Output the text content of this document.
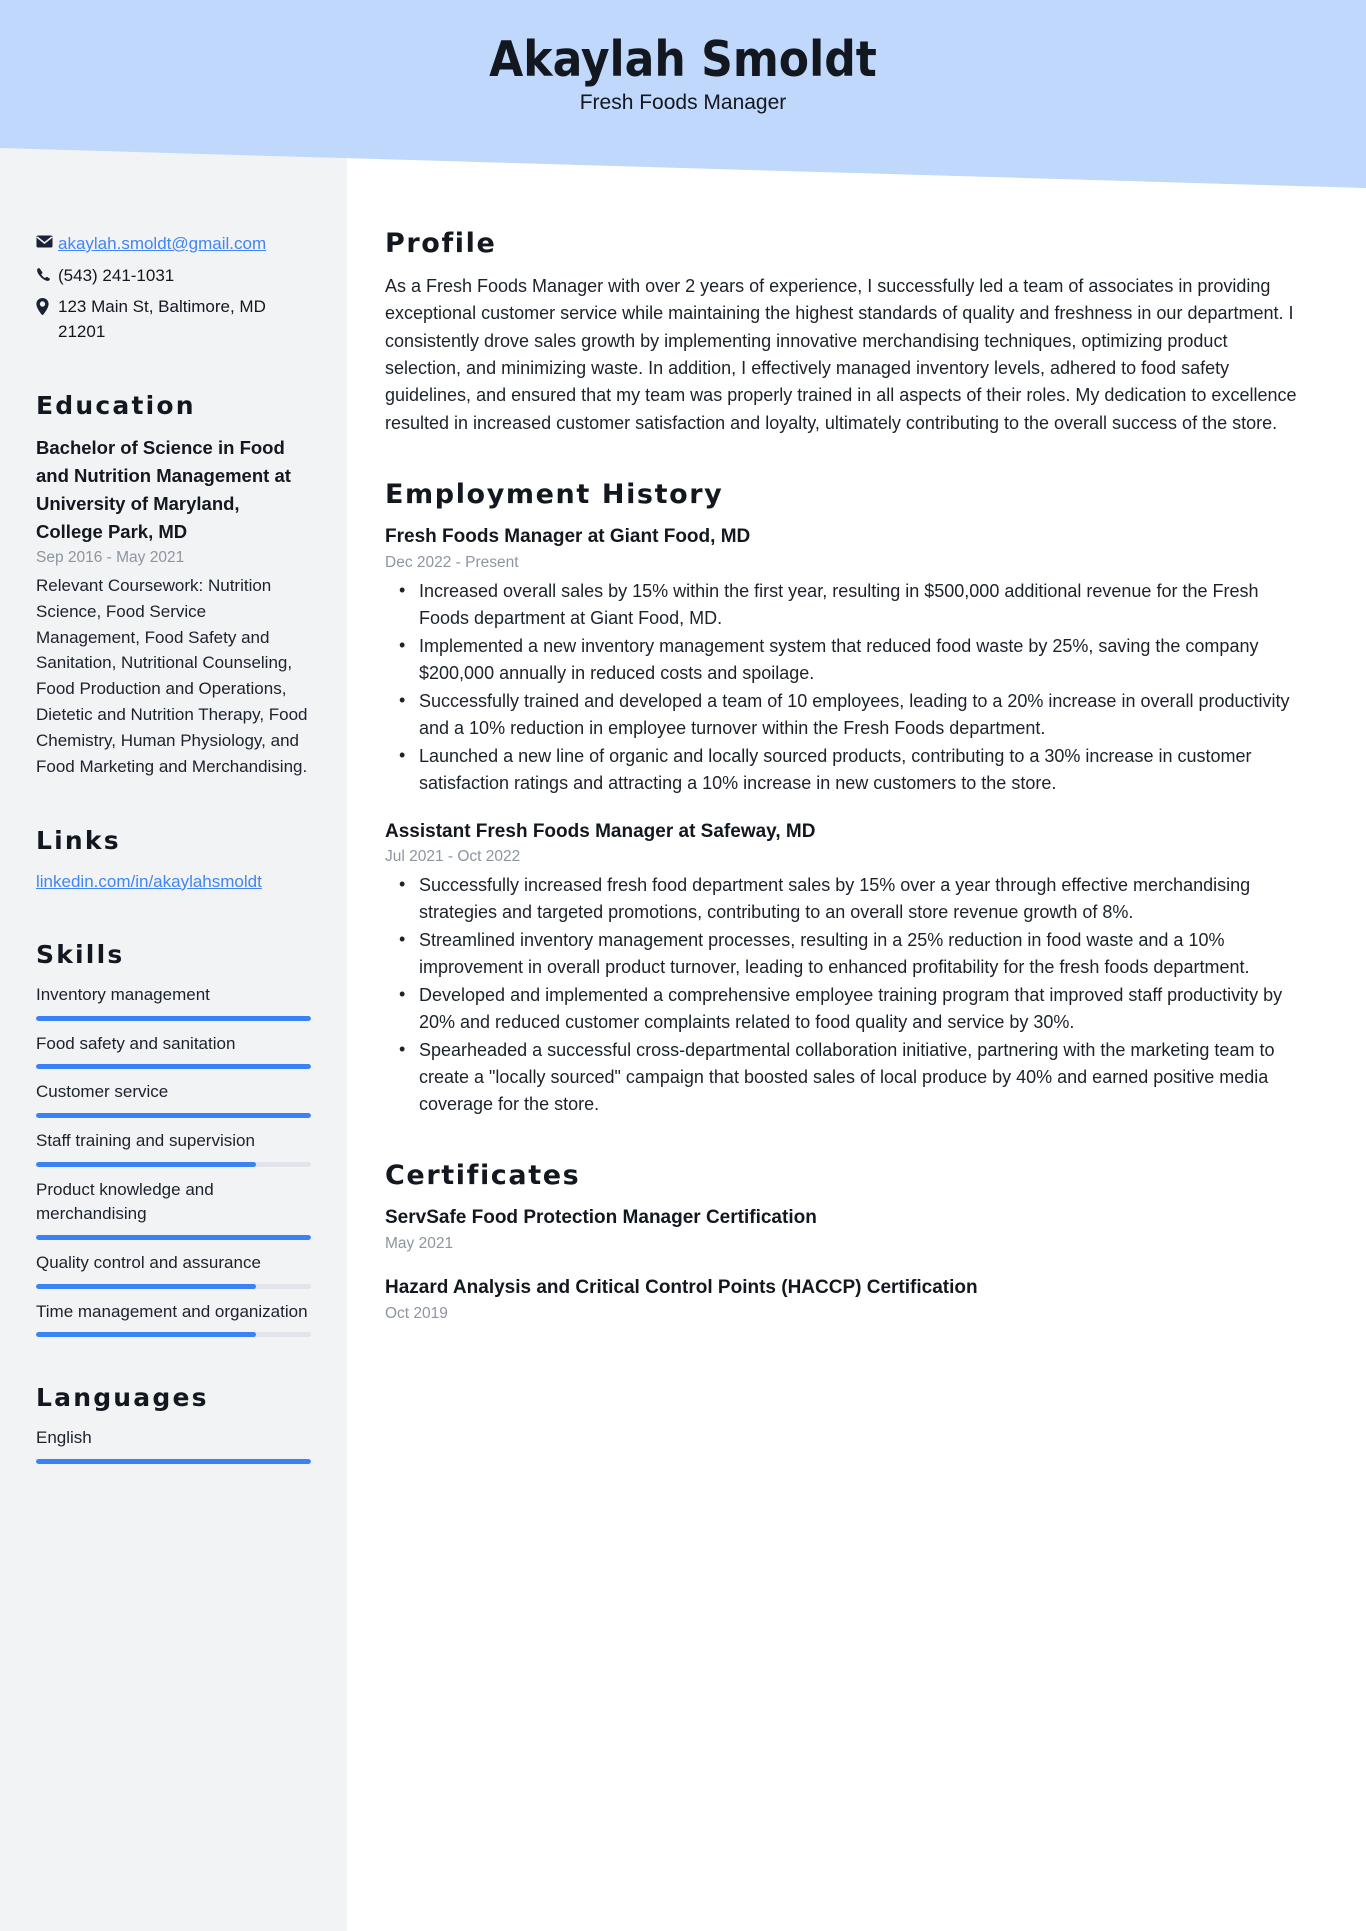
Akaylah Smoldt
Fresh Foods Manager
akaylah.smoldt@gmail.com
(543) 241-1031
123 Main St, Baltimore, MD 21201
Education
Bachelor of Science in Food and Nutrition Management at University of Maryland, College Park, MD
Sep 2016 - May 2021
Relevant Coursework: Nutrition Science, Food Service Management, Food Safety and Sanitation, Nutritional Counseling, Food Production and Operations, Dietetic and Nutrition Therapy, Food Chemistry, Human Physiology, and Food Marketing and Merchandising.
Links
linkedin.com/in/akaylahsmoldt
Skills
Inventory management
Food safety and sanitation
Customer service
Staff training and supervision
Product knowledge and merchandising
Quality control and assurance
Time management and organization
Languages
English
Profile

As a Fresh Foods Manager with over 2 years of experience, I successfully led a team of associates in providing exceptional customer service while maintaining the highest standards of quality and freshness in our department. I consistently drove sales growth by implementing innovative merchandising techniques, optimizing product selection, and minimizing waste. In addition, I effectively managed inventory levels, adhered to food safety guidelines, and ensured that my team was properly trained in all aspects of their roles. My dedication to excellence resulted in increased customer satisfaction and loyalty, ultimately contributing to the overall success of the store.

Employment History
Fresh Foods Manager at Giant Food, MD
Dec 2022 - Present
• Increased overall sales by 15% within the first year, resulting in $500,000 additional revenue for the Fresh Foods department at Giant Food, MD.
• Implemented a new inventory management system that reduced food waste by 25%, saving the company $200,000 annually in reduced costs and spoilage.
• Successfully trained and developed a team of 10 employees, leading to a 20% increase in overall productivity and a 10% reduction in employee turnover within the Fresh Foods department.
• Launched a new line of organic and locally sourced products, contributing to a 30% increase in customer satisfaction ratings and attracting a 10% increase in new customers to the store.
Assistant Fresh Foods Manager at Safeway, MD
Jul 2021 - Oct 2022
• Successfully increased fresh food department sales by 15% over a year through effective merchandising strategies and targeted promotions, contributing to an overall store revenue growth of 8%.
• Streamlined inventory management processes, resulting in a 25% reduction in food waste and a 10% improvement in overall product turnover, leading to enhanced profitability for the fresh foods department.
• Developed and implemented a comprehensive employee training program that improved staff productivity by 20% and reduced customer complaints related to food quality and service by 30%.
• Spearheaded a successful cross-departmental collaboration initiative, partnering with the marketing team to create a "locally sourced" campaign that boosted sales of local produce by 40% and earned positive media coverage for the store.
Certificates
ServSafe Food Protection Manager Certification
May 2021
Hazard Analysis and Critical Control Points (HACCP) Certification
Oct 2019
